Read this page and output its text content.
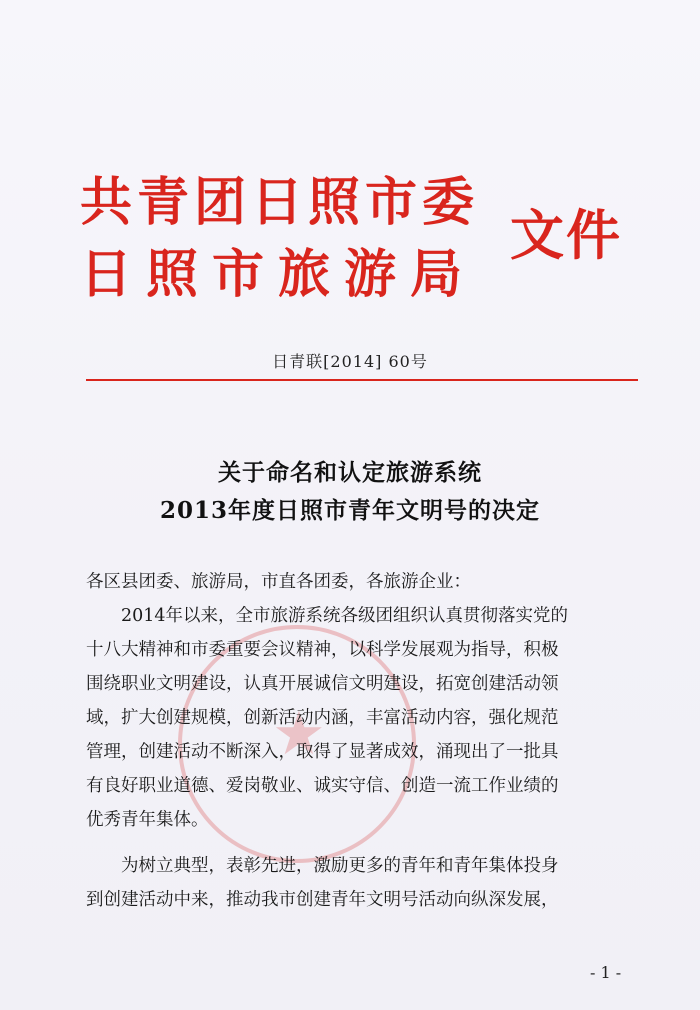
共青团日照市委
日照市旅游局
文件
日青联[2014] 60号
关于命名和认定旅游系统
2013年度日照市青年文明号的决定
★
各区县团委、旅游局，市直各团委，各旅游企业：
　　2014年以来，全市旅游系统各级团组织认真贯彻落实党的
十八大精神和市委重要会议精神，以科学发展观为指导，积极
围绕职业文明建设，认真开展诚信文明建设，拓宽创建活动领
域，扩大创建规模，创新活动内涵，丰富活动内容，强化规范
管理，创建活动不断深入，取得了显著成效，涌现出了一批具
有良好职业道德、爱岗敬业、诚实守信、创造一流工作业绩的
优秀青年集体。
　　为树立典型，表彰先进，激励更多的青年和青年集体投身
到创建活动中来，推动我市创建青年文明号活动向纵深发展，
- 1 -
